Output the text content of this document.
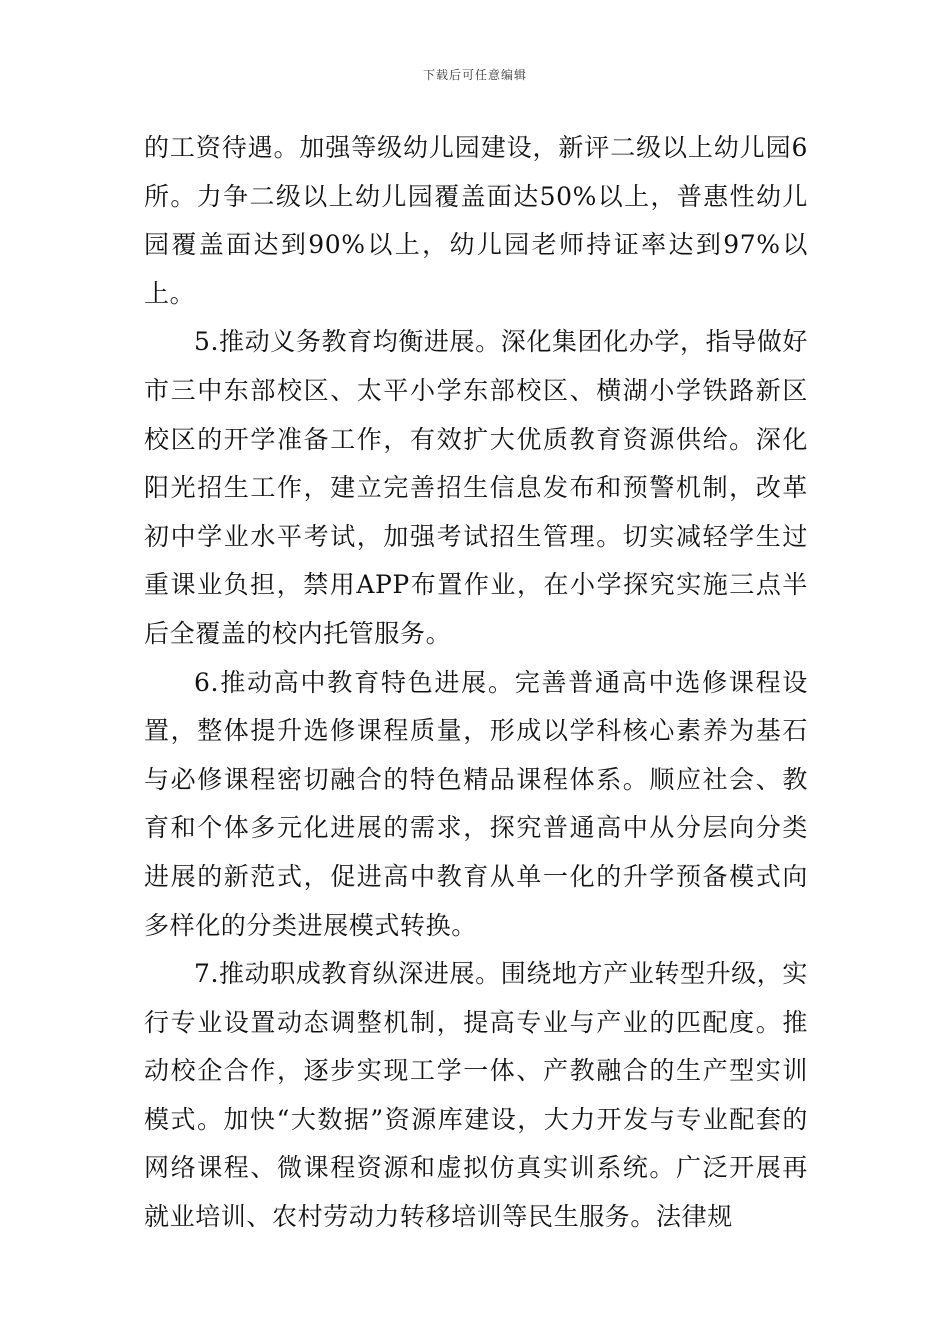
下载后可任意编辑

的工资待遇。加强等级幼儿园建设，新评二级以上幼儿园6所。力争二级以上幼儿园覆盖面达50%以上，普惠性幼儿园覆盖面达到90%以上，幼儿园老师持证率达到97%以上。

5.推动义务教育均衡进展。深化集团化办学，指导做好市三中东部校区、太平小学东部校区、横湖小学铁路新区校区的开学准备工作，有效扩大优质教育资源供给。深化阳光招生工作，建立完善招生信息发布和预警机制，改革初中学业水平考试，加强考试招生管理。切实减轻学生过重课业负担，禁用APP布置作业，在小学探究实施三点半后全覆盖的校内托管服务。

6.推动高中教育特色进展。完善普通高中选修课程设置，整体提升选修课程质量，形成以学科核心素养为基石与必修课程密切融合的特色精品课程体系。顺应社会、教育和个体多元化进展的需求，探究普通高中从分层向分类进展的新范式，促进高中教育从单一化的升学预备模式向多样化的分类进展模式转换。

7.推动职成教育纵深进展。围绕地方产业转型升级，实行专业设置动态调整机制，提高专业与产业的匹配度。推动校企合作，逐步实现工学一体、产教融合的生产型实训模式。加快“大数据”资源库建设，大力开发与专业配套的网络课程、微课程资源和虚拟仿真实训系统。广泛开展再就业培训、农村劳动力转移培训等民生服务。法律规
